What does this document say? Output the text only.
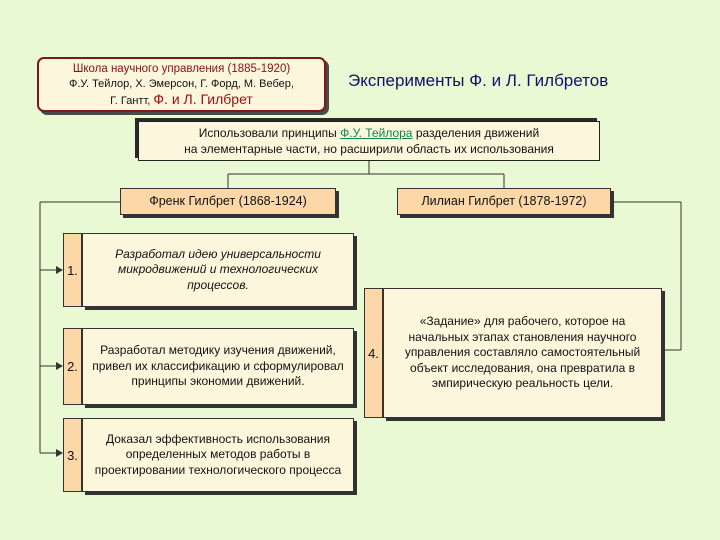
Школа научного управления (1885-1920)
Ф.У. Тейлор, Х. Эмерсон, Г. Форд, М. Вебер,
Г. Гантт, Ф. и Л. Гилбрет
Эксперименты Ф. и Л. Гилбретов
Использовали принципы Ф.У. Тейлора разделения движений
на элементарные части, но расширили область их использования
Френк Гилбрет (1868-1924)	Лилиан Гилбрет (1878-1972)
1.
Разработал идею универсальности микродвижений и технологических процессов.
2.
Разработал методику изучения движений, привел их классификацию и сформулировал принципы экономии движений.
3.
Доказал эффективность использования определенных методов работы в проектировании технологического процесса
4.
«Задание» для рабочего, которое на начальных этапах становления научного управления составляло самостоятельный объект исследования, она превратила в эмпирическую реальность цели.
